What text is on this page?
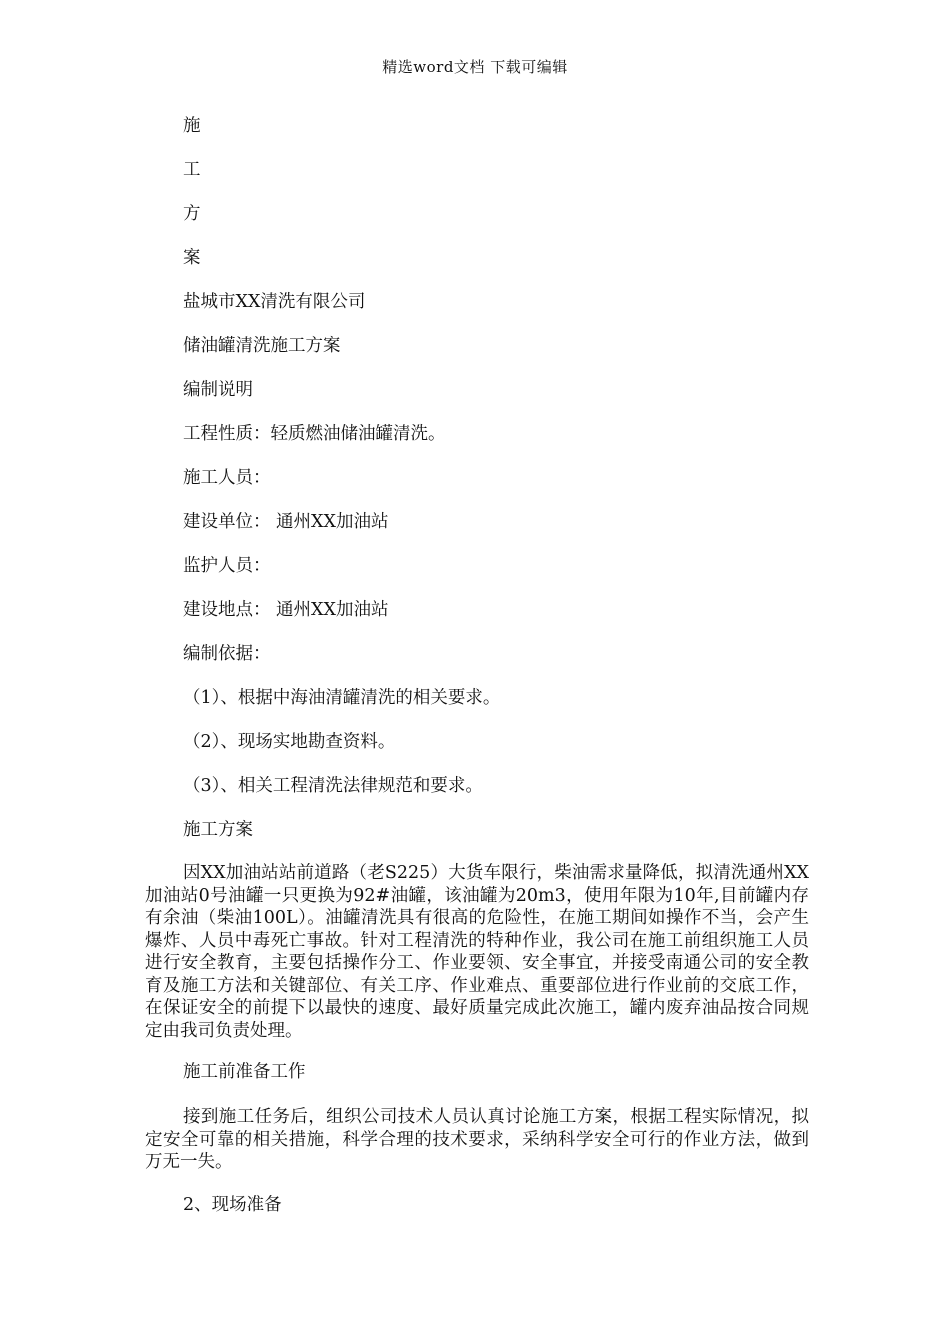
精选word文档 下载可编辑
施
工
方
案
盐城市XX清洗有限公司
储油罐清洗施工方案
编制说明
工程性质：轻质燃油储油罐清洗。
施工人员：
建设单位： 通州XX加油站
监护人员：
建设地点： 通州XX加油站
编制依据：
（1）、根据中海油清罐清洗的相关要求。
（2）、现场实地勘查资料。
（3）、相关工程清洗法律规范和要求。
施工方案

因XX加油站站前道路（老S225）大货车限行，柴油需求量降低，拟清洗通州XX加油站0号油罐一只更换为92#油罐，该油罐为20m3，使用年限为10年,目前罐内存有余油（柴油100L）。油罐清洗具有很高的危险性，在施工期间如操作不当，会产生爆炸、人员中毒死亡事故。针对工程清洗的特种作业，我公司在施工前组织施工人员进行安全教育，主要包括操作分工、作业要领、安全事宜，并接受南通公司的安全教育及施工方法和关键部位、有关工序、作业难点、重要部位进行作业前的交底工作，在保证安全的前提下以最快的速度、最好质量完成此次施工，罐内废弃油品按合同规定由我司负责处理。

施工前准备工作

接到施工任务后，组织公司技术人员认真讨论施工方案，根据工程实际情况，拟定安全可靠的相关措施，科学合理的技术要求，采纳科学安全可行的作业方法，做到万无一失。

2、现场准备
